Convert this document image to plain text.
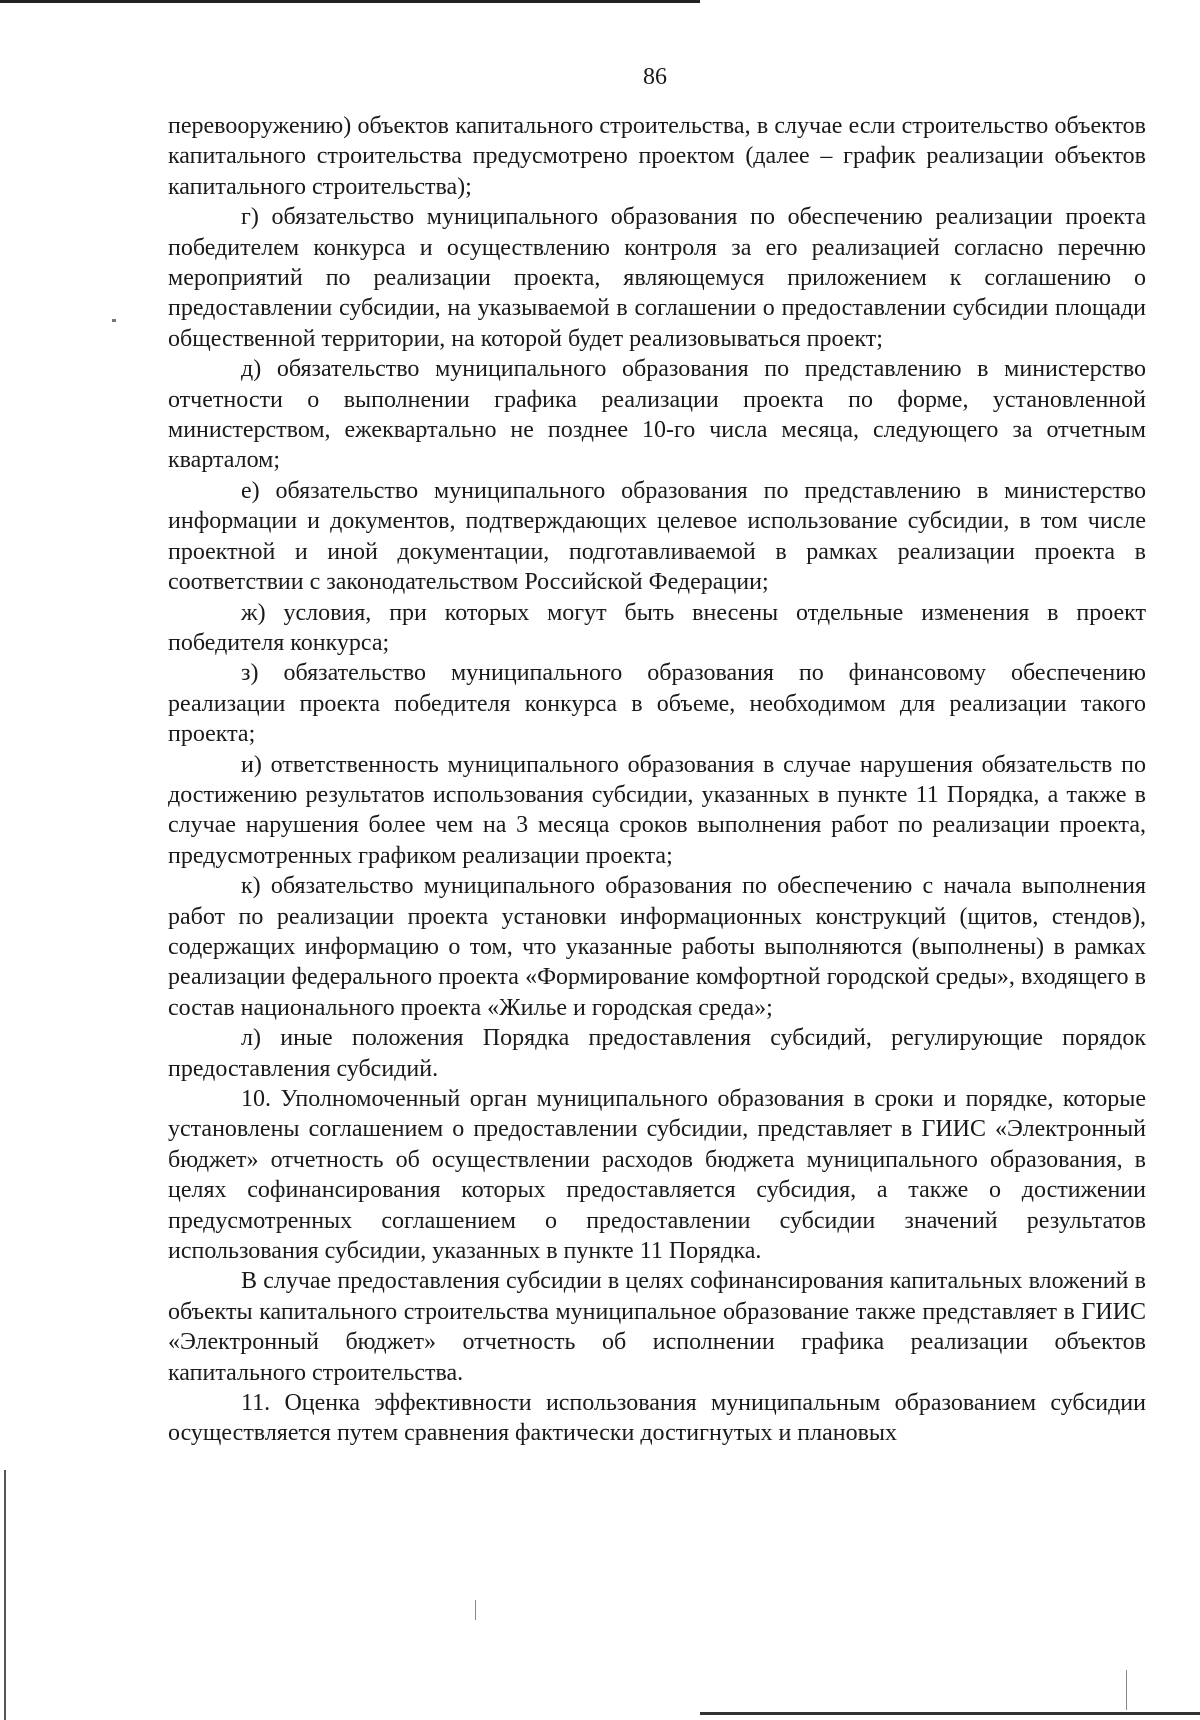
86

перевооружению) объектов капитального строительства, в случае если строительство объектов капитального строительства предусмотрено проектом (далее – график реализации объектов капитального строительства);

г) обязательство муниципального образования по обеспечению реализации проекта победителем конкурса и осуществлению контроля за его реализацией согласно перечню мероприятий по реализации проекта, являющемуся приложением к соглашению о предоставлении субсидии, на указываемой в соглашении о предоставлении субсидии площади общественной территории, на которой будет реализовываться проект;

д) обязательство муниципального образования по представлению в министерство отчетности о выполнении графика реализации проекта по форме, установленной министерством, ежеквартально не позднее 10-го числа месяца, следующего за отчетным кварталом;

е) обязательство муниципального образования по представлению в министерство информации и документов, подтверждающих целевое использование субсидии, в том числе проектной и иной документации, подготавливаемой в рамках реализации проекта в соответствии с законодательством Российской Федерации;

ж) условия, при которых могут быть внесены отдельные изменения в проект победителя конкурса;

з) обязательство муниципального образования по финансовому обеспечению реализации проекта победителя конкурса в объеме, необходимом для реализации такого проекта;

и) ответственность муниципального образования в случае нарушения обязательств по достижению результатов использования субсидии, указанных в пункте 11 Порядка, а также в случае нарушения более чем на 3 месяца сроков выполнения работ по реализации проекта, предусмотренных графиком реализации проекта;

к) обязательство муниципального образования по обеспечению с начала выполнения работ по реализации проекта установки информационных конструкций (щитов, стендов), содержащих информацию о том, что указанные работы выполняются (выполнены) в рамках реализации федерального проекта «Формирование комфортной городской среды», входящего в состав национального проекта «Жилье и городская среда»;

л) иные положения Порядка предоставления субсидий, регулирующие порядок предоставления субсидий.

10. Уполномоченный орган муниципального образования в сроки и порядке, которые установлены соглашением о предоставлении субсидии, представляет в ГИИС «Электронный бюджет» отчетность об осуществлении расходов бюджета муниципального образования, в целях софинансирования которых предоставляется субсидия, а также о достижении предусмотренных соглашением о предоставлении субсидии значений результатов использования субсидии, указанных в пункте 11 Порядка.

В случае предоставления субсидии в целях софинансирования капитальных вложений в объекты капитального строительства муниципальное образование также представляет в ГИИС «Электронный бюджет» отчетность об исполнении графика реализации объектов капитального строительства.

11. Оценка эффективности использования муниципальным образованием субсидии осуществляется путем сравнения фактически достигнутых и плановых
